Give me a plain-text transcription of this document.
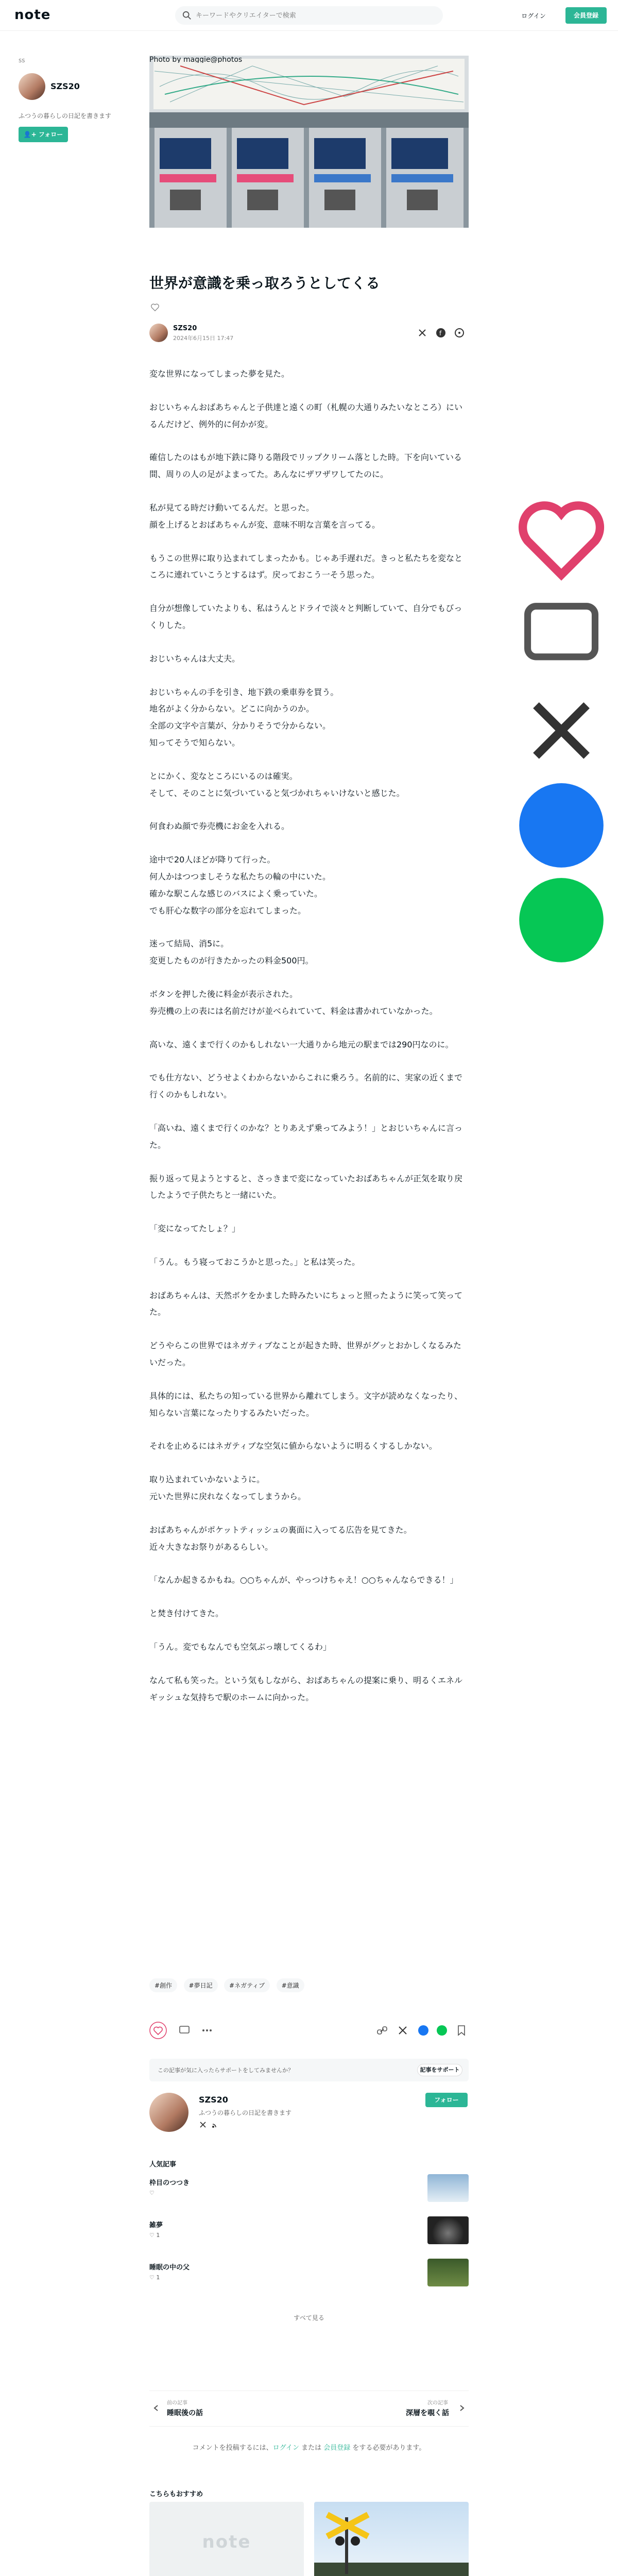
note
キーワードやクリエイターで検索	ログイン	会員登録
ss
SZS20
ふつうの暮らしの日記を書きます
👤+ フォロー
Photo by maggie@photos
世界が意識を乗っ取ろうとしてくる
SZS20
2024年6月15日 17:47
f

変な世界になってしまった夢を見た。

おじいちゃんおばあちゃんと子供達と遠くの町（札幌の大通りみたいなところ）にいるんだけど、例外的に何かが変。

確信したのはもが地下鉄に降りる階段でリップクリーム落とした時。下を向いている間、周りの人の足がよまってた。あんなにザワザワしてたのに。

私が見てる時だけ動いてるんだ。と思った。
顔を上げるとおばあちゃんが変、意味不明な言葉を言ってる。

もうこの世界に取り込まれてしまったかも。じゃあ手遅れだ。きっと私たちを変なところに連れていこうとするはず。戻っておこう一そう思った。

自分が想像していたよりも、私はうんとドライで淡々と判断していて、自分でもびっくりした。

おじいちゃんは大丈夫。

おじいちゃんの手を引き、地下鉄の乗車券を買う。
地名がよく分からない。どこに向かうのか。
全部の文字や言葉が、分かりそうで分からない。
知ってそうで知らない。

とにかく、変なところにいるのは確実。
そして、そのことに気づいていると気づかれちゃいけないと感じた。

何食わぬ顔で券売機にお金を入れる。

途中で20人ほどが降りて行った。
何人かはつつましそうな私たちの輪の中にいた。
確かな駅こんな感じのバスによく乗っていた。
でも肝心な数字の部分を忘れてしまった。

迷って結局、消5に。
変更したものが行きたかったの料金500円。

ボタンを押した後に料金が表示された。
券売機の上の表には名前だけが並べられていて、料金は書かれていなかった。

高いな、遠くまで行くのかもしれない一大通りから地元の駅までは290円なのに。

でも仕方ない、どうせよくわからないからこれに乗ろう。名前的に、実家の近くまで行くのかもしれない。

「高いね、遠くまで行くのかな？とりあえず乗ってみよう！」とおじいちゃんに言った。

振り返って見ようとすると、さっきまで変になっていたおばあちゃんが正気を取り戻したようで子供たちと一緒にいた。

「変になってたしょ？」

「うん。もう寝っておこうかと思った。」と私は笑った。

おばあちゃんは、天然ボケをかました時みたいにちょっと照ったように笑って笑ってた。

どうやらこの世界ではネガティブなことが起きた時、世界がグッとおかしくなるみたいだった。

具体的には、私たちの知っている世界から離れてしまう。文字が読めなくなったり、知らない言葉になったりするみたいだった。

それを止めるにはネガティブな空気に値からないように明るくするしかない。

取り込まれていかないように。
元いた世界に戻れなくなってしまうから。

おばあちゃんがポケットティッシュの裏面に入ってる広告を見てきた。
近々大きなお祭りがあるらしい。

「なんか起きるかもね。○○ちゃんが、やっつけちゃえ！○○ちゃんならできる！」

と焚き付けてきた。

「うん。変でもなんでも空気ぶっ壊してくるわ」

なんて私も笑った。という気もしながら、おばあちゃんの提案に乗り、明るくエネルギッシュな気持ちで駅のホームに向かった。

#創作	#夢日記	#ネガティブ	#意識
この記事が気に入ったらサポートをしてみませんか？	記事をサポート
SZS20
ふつうの暮らしの日記を書きます
フォロー
人気記事
枠目のつつき
♡
雑夢
♡ 1
睡眠の中の父
♡ 1
すべて見る
前の記事
睡眠後の話
次の記事
深層を覗く話
コメントを投稿するには、ログイン または 会員登録 をする必要があります。
こちらもおすすめ
note
